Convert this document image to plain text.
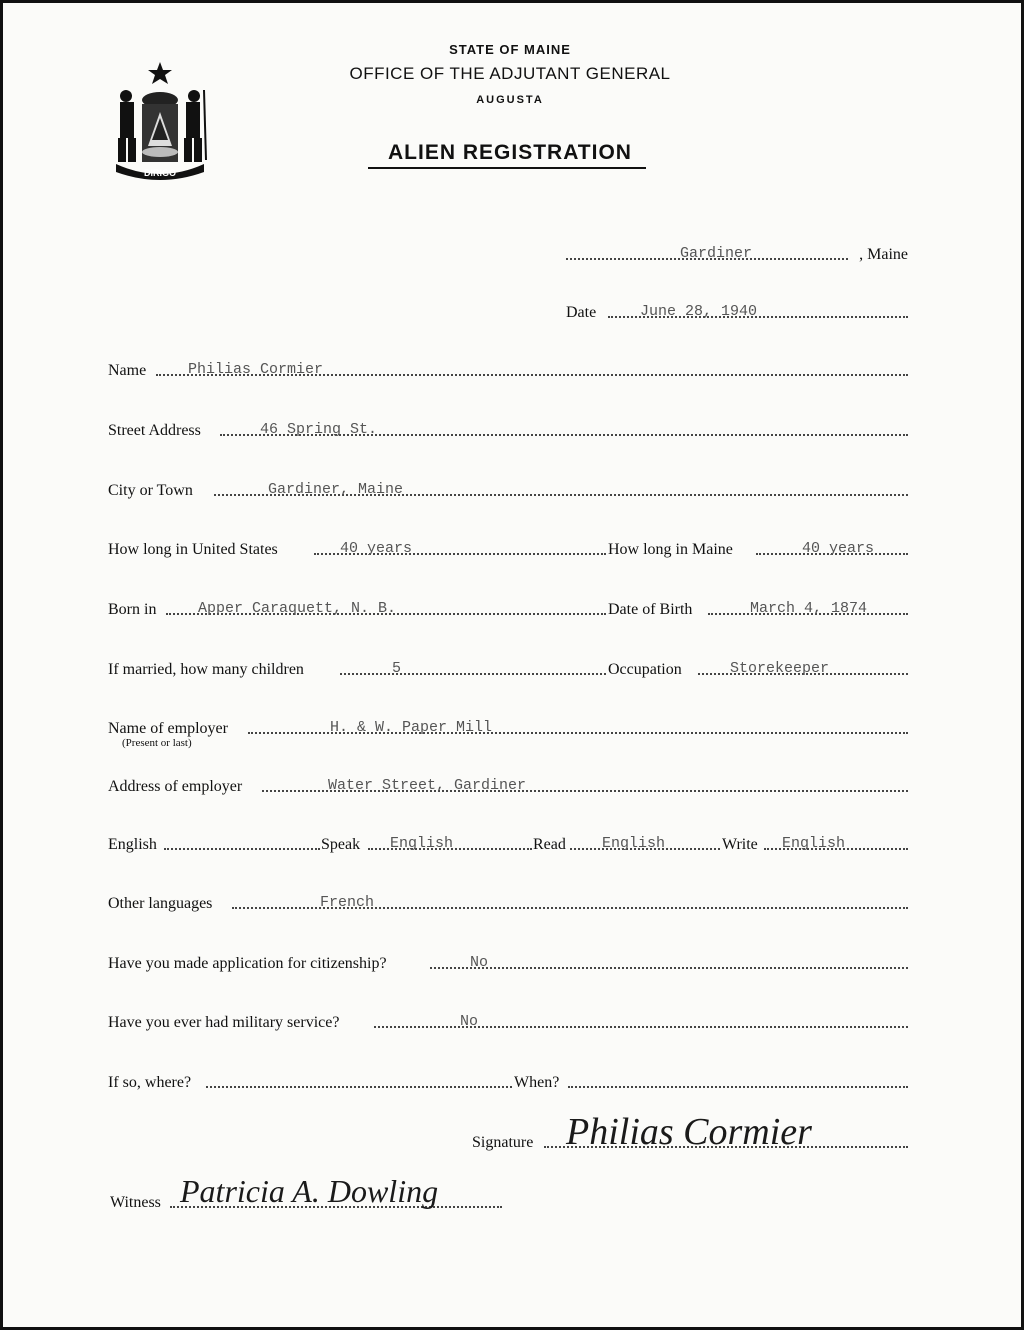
DIRIGO
STATE OF MAINE
OFFICE OF THE ADJUTANT GENERAL
AUGUSTA
ALIEN REGISTRATION
Gardiner	, Maine
Date	June 28, 1940
Name	Philias Cormier
Street Address	46 Spring St.
City or Town	Gardiner, Maine
How long in United States	40 years	How long in Maine	40 years
Born in	Apper Caraquett, N. B.	Date of Birth	March 4, 1874
If married, how many children	5	Occupation	Storekeeper
Name of employer	H. & W. Paper Mill
(Present or last)
Address of employer	Water Street, Gardiner
English	Speak English	Read English	Write English
Other languages	French
Have you made application for citizenship?	No
Have you ever had military service?	No
If so, where?	When?
Signature Philias Cormier
Witness Patricia A. Dowling
